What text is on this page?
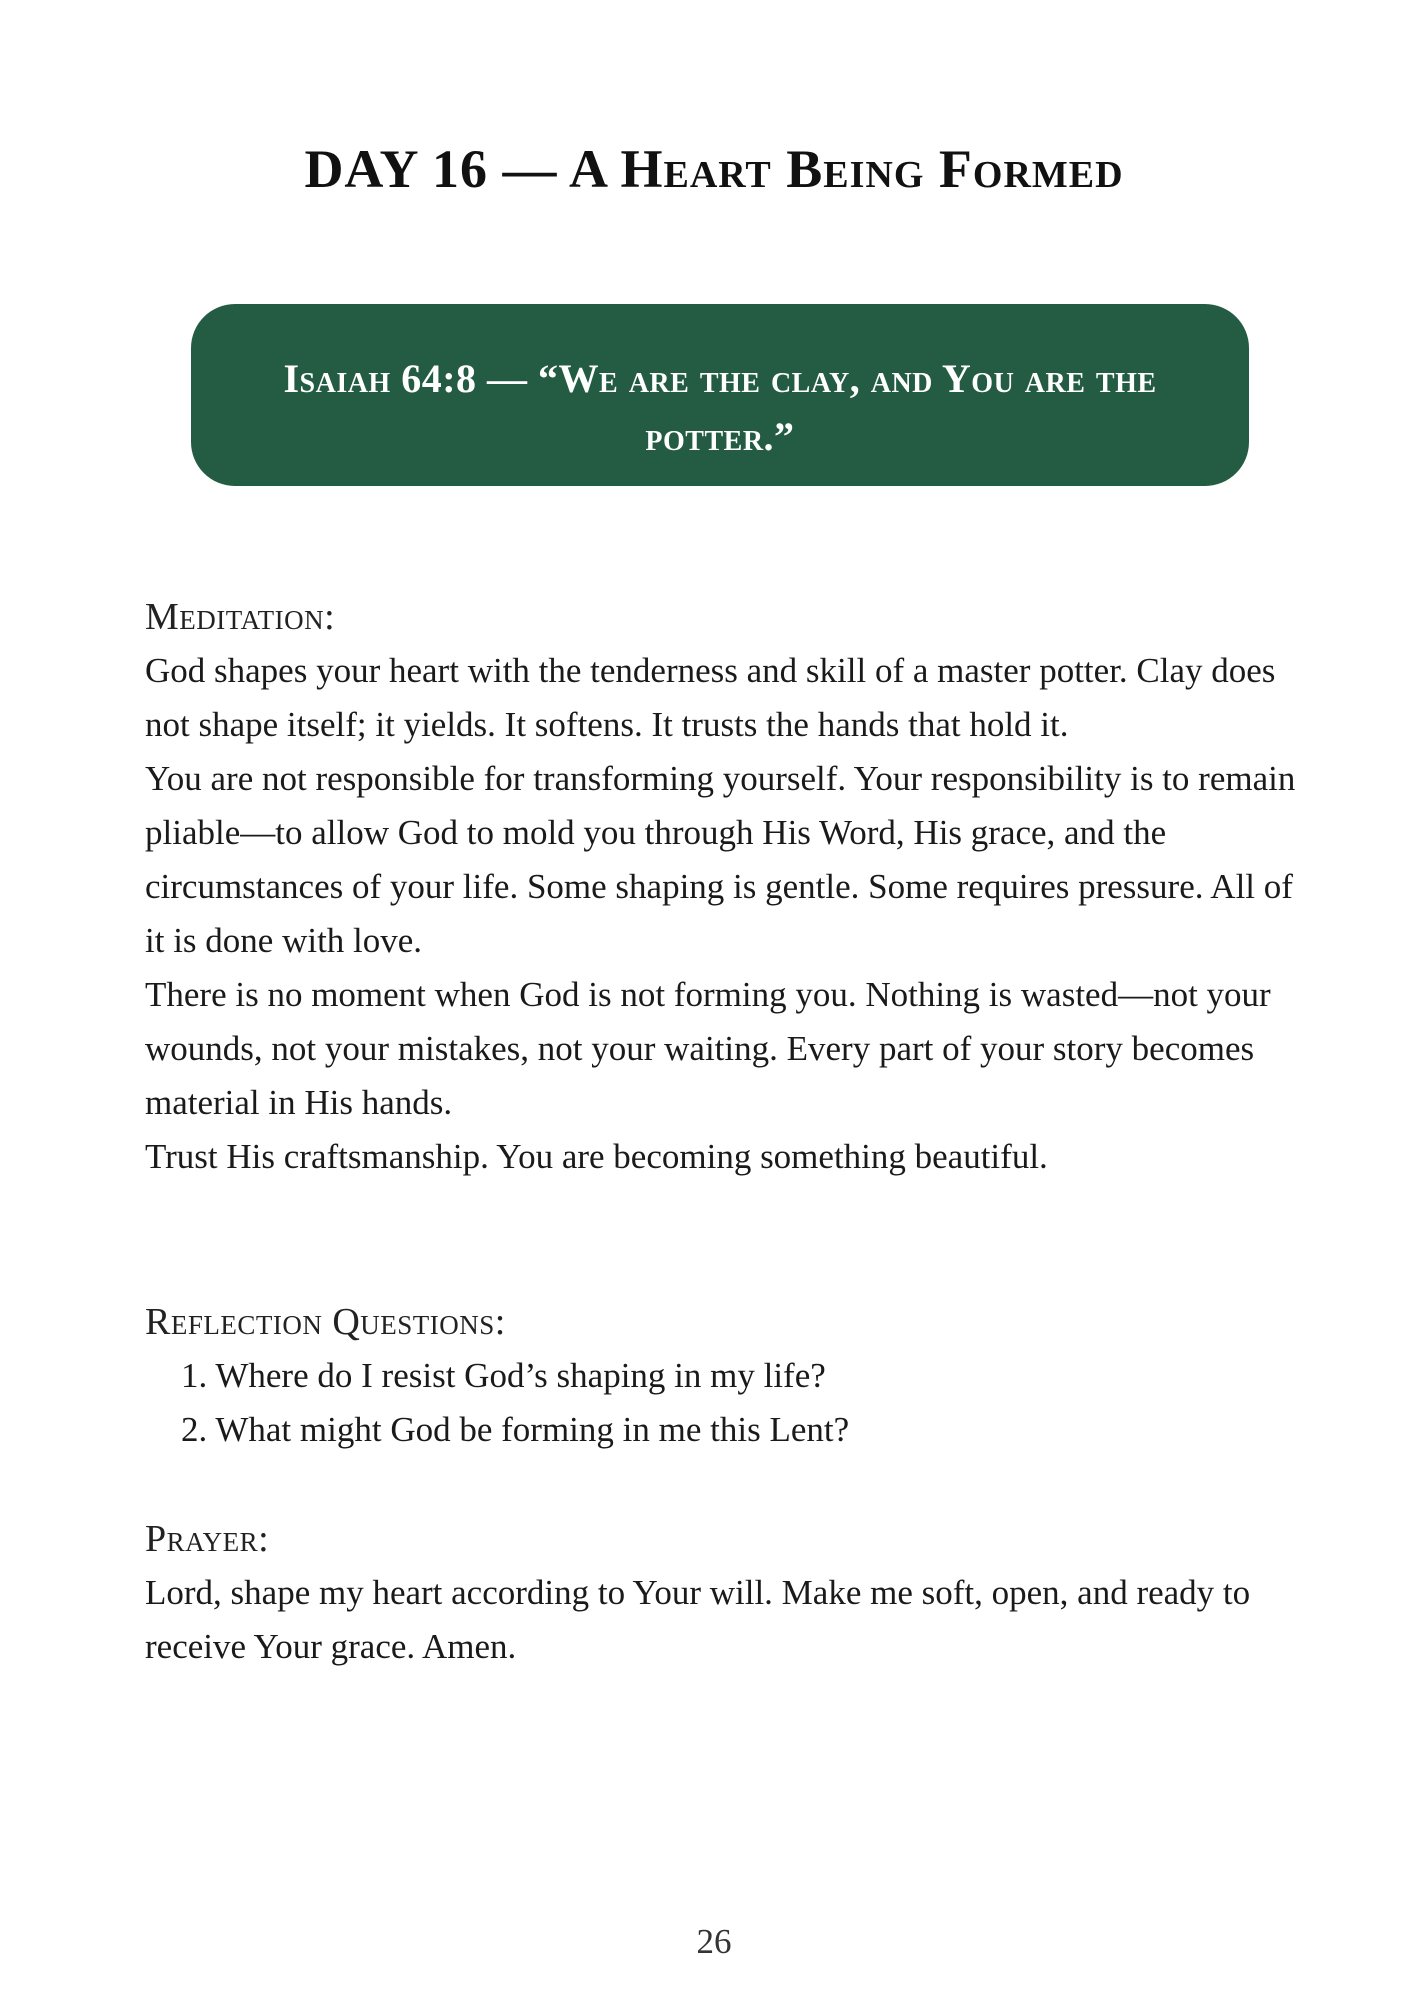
DAY 16 — A Heart Being Formed
Isaiah 64:8 — “We are the clay, and You are the potter.”
Meditation:

God shapes your heart with the tenderness and skill of a master potter. Clay does not shape itself; it yields. It softens. It trusts the hands that hold it.

You are not responsible for transforming yourself. Your responsibility is to remain pliable—to allow God to mold you through His Word, His grace, and the circumstances of your life. Some shaping is gentle. Some requires pressure. All of it is done with love.

There is no moment when God is not forming you. Nothing is wasted—not your wounds, not your mistakes, not your waiting. Every part of your story becomes material in His hands.

Trust His craftsmanship. You are becoming something beautiful.

Reflection Questions:
1. Where do I resist God’s shaping in my life?
2. What might God be forming in me this Lent?
Prayer:

Lord, shape my heart according to Your will. Make me soft, open, and ready to receive Your grace. Amen.

26
